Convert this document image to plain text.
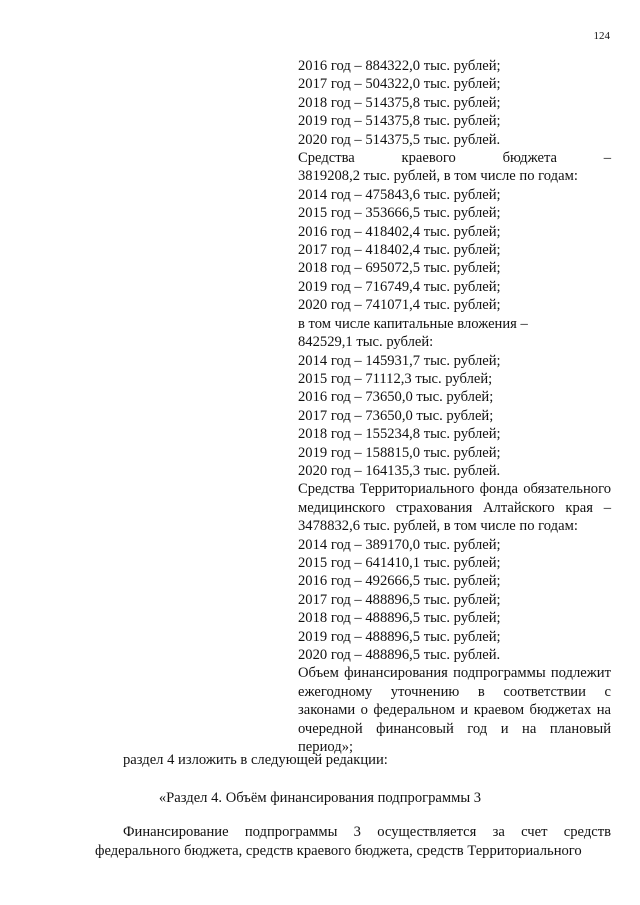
124
2016 год – 884322,0 тыс. рублей;
2017 год – 504322,0 тыс. рублей;
2018 год – 514375,8 тыс. рублей;
2019 год – 514375,8 тыс. рублей;
2020 год – 514375,5 тыс. рублей.
Средства краевого бюджета –
3819208,2 тыс. рублей, в том числе по годам:
2014 год – 475843,6 тыс. рублей;
2015 год – 353666,5 тыс. рублей;
2016 год – 418402,4 тыс. рублей;
2017 год – 418402,4 тыс. рублей;
2018 год – 695072,5 тыс. рублей;
2019 год – 716749,4 тыс. рублей;
2020 год – 741071,4 тыс. рублей;
в том числе капитальные вложения –
842529,1 тыс. рублей:
2014 год – 145931,7 тыс. рублей;
2015 год – 71112,3 тыс. рублей;
2016 год – 73650,0 тыс. рублей;
2017 год – 73650,0 тыс. рублей;
2018 год – 155234,8 тыс. рублей;
2019 год – 158815,0 тыс. рублей;
2020 год – 164135,3 тыс. рублей.
Средства Территориального фонда обязательного медицинского страхования Алтайского края – 3478832,6 тыс. рублей, в том числе по годам:
2014 год – 389170,0 тыс. рублей;
2015 год – 641410,1 тыс. рублей;
2016 год – 492666,5 тыс. рублей;
2017 год – 488896,5 тыс. рублей;
2018 год – 488896,5 тыс. рублей;
2019 год – 488896,5 тыс. рублей;
2020 год – 488896,5 тыс. рублей.
Объем финансирования подпрограммы подлежит ежегодному уточнению в соответствии с законами о федеральном и краевом бюджетах на очередной финансовый год и на плановый период»;
раздел 4 изложить в следующей редакции:
«Раздел 4. Объём финансирования подпрограммы 3
Финансирование подпрограммы 3 осуществляется за счет средств федерального бюджета, средств краевого бюджета, средств Территориального
